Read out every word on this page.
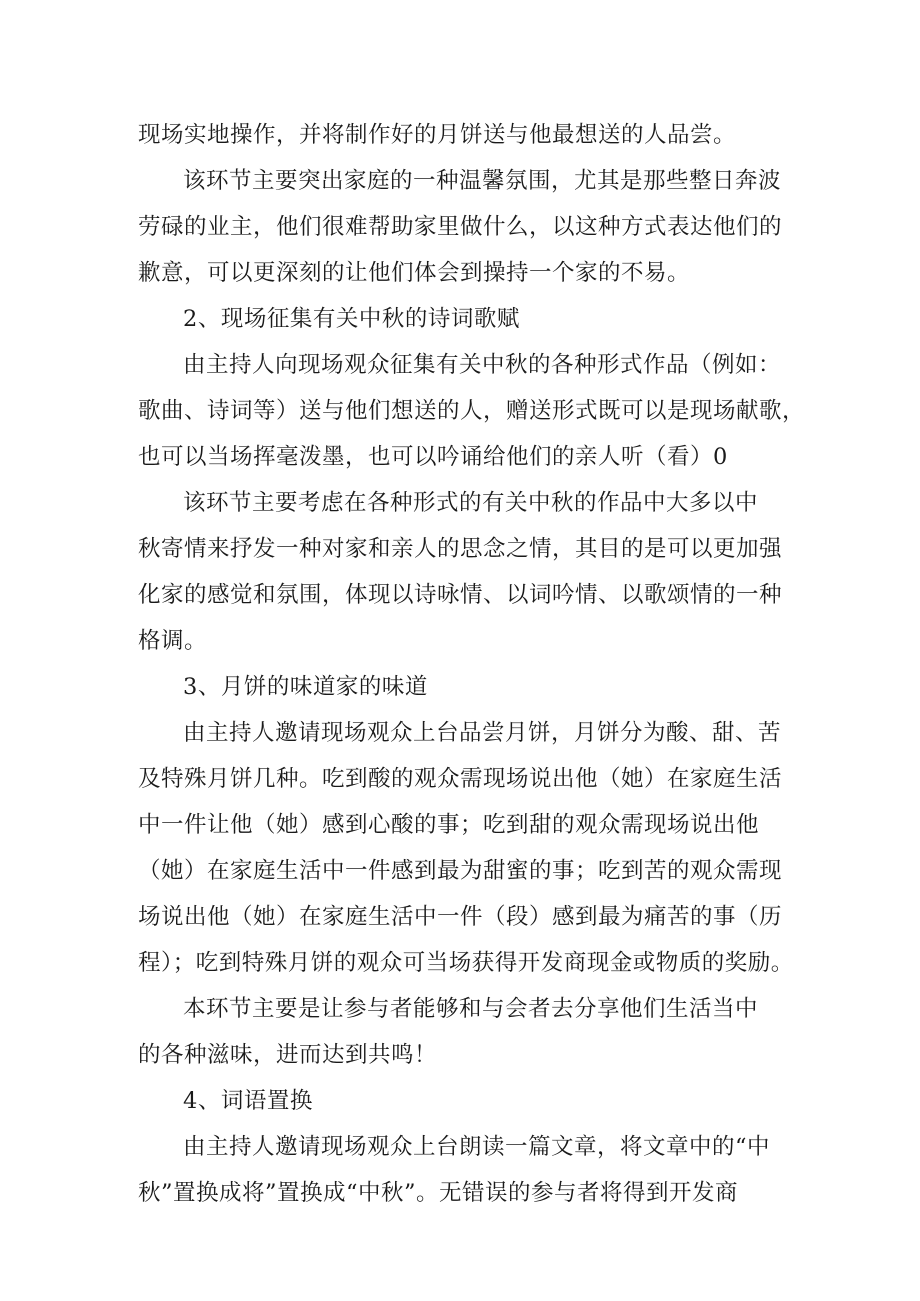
现场实地操作，并将制作好的月饼送与他最想送的人品尝。

该环节主要突出家庭的一种温馨氛围，尤其是那些整日奔波
劳碌的业主，他们很难帮助家里做什么，以这种方式表达他们的
歉意，可以更深刻的让他们体会到操持一个家的不易。

2、现场征集有关中秋的诗词歌赋

由主持人向现场观众征集有关中秋的各种形式作品（例如：
歌曲、诗词等）送与他们想送的人，赠送形式既可以是现场献歌，
也可以当场挥毫泼墨，也可以吟诵给他们的亲人听（看）0

该环节主要考虑在各种形式的有关中秋的作品中大多以中
秋寄情来抒发一种对家和亲人的思念之情，其目的是可以更加强
化家的感觉和氛围，体现以诗咏情、以词吟情、以歌颂情的一种
格调。

3、月饼的味道家的味道

由主持人邀请现场观众上台品尝月饼，月饼分为酸、甜、苦
及特殊月饼几种。吃到酸的观众需现场说出他（她）在家庭生活
中一件让他（她）感到心酸的事；吃到甜的观众需现场说出他
（她）在家庭生活中一件感到最为甜蜜的事；吃到苦的观众需现
场说出他（她）在家庭生活中一件（段）感到最为痛苦的事（历
程）；吃到特殊月饼的观众可当场获得开发商现金或物质的奖励。

本环节主要是让参与者能够和与会者去分享他们生活当中
的各种滋味，进而达到共鸣！

4、词语置换

由主持人邀请现场观众上台朗读一篇文章，将文章中的“中
秋”置换成将”置换成“中秋”。无错误的参与者将得到开发商
